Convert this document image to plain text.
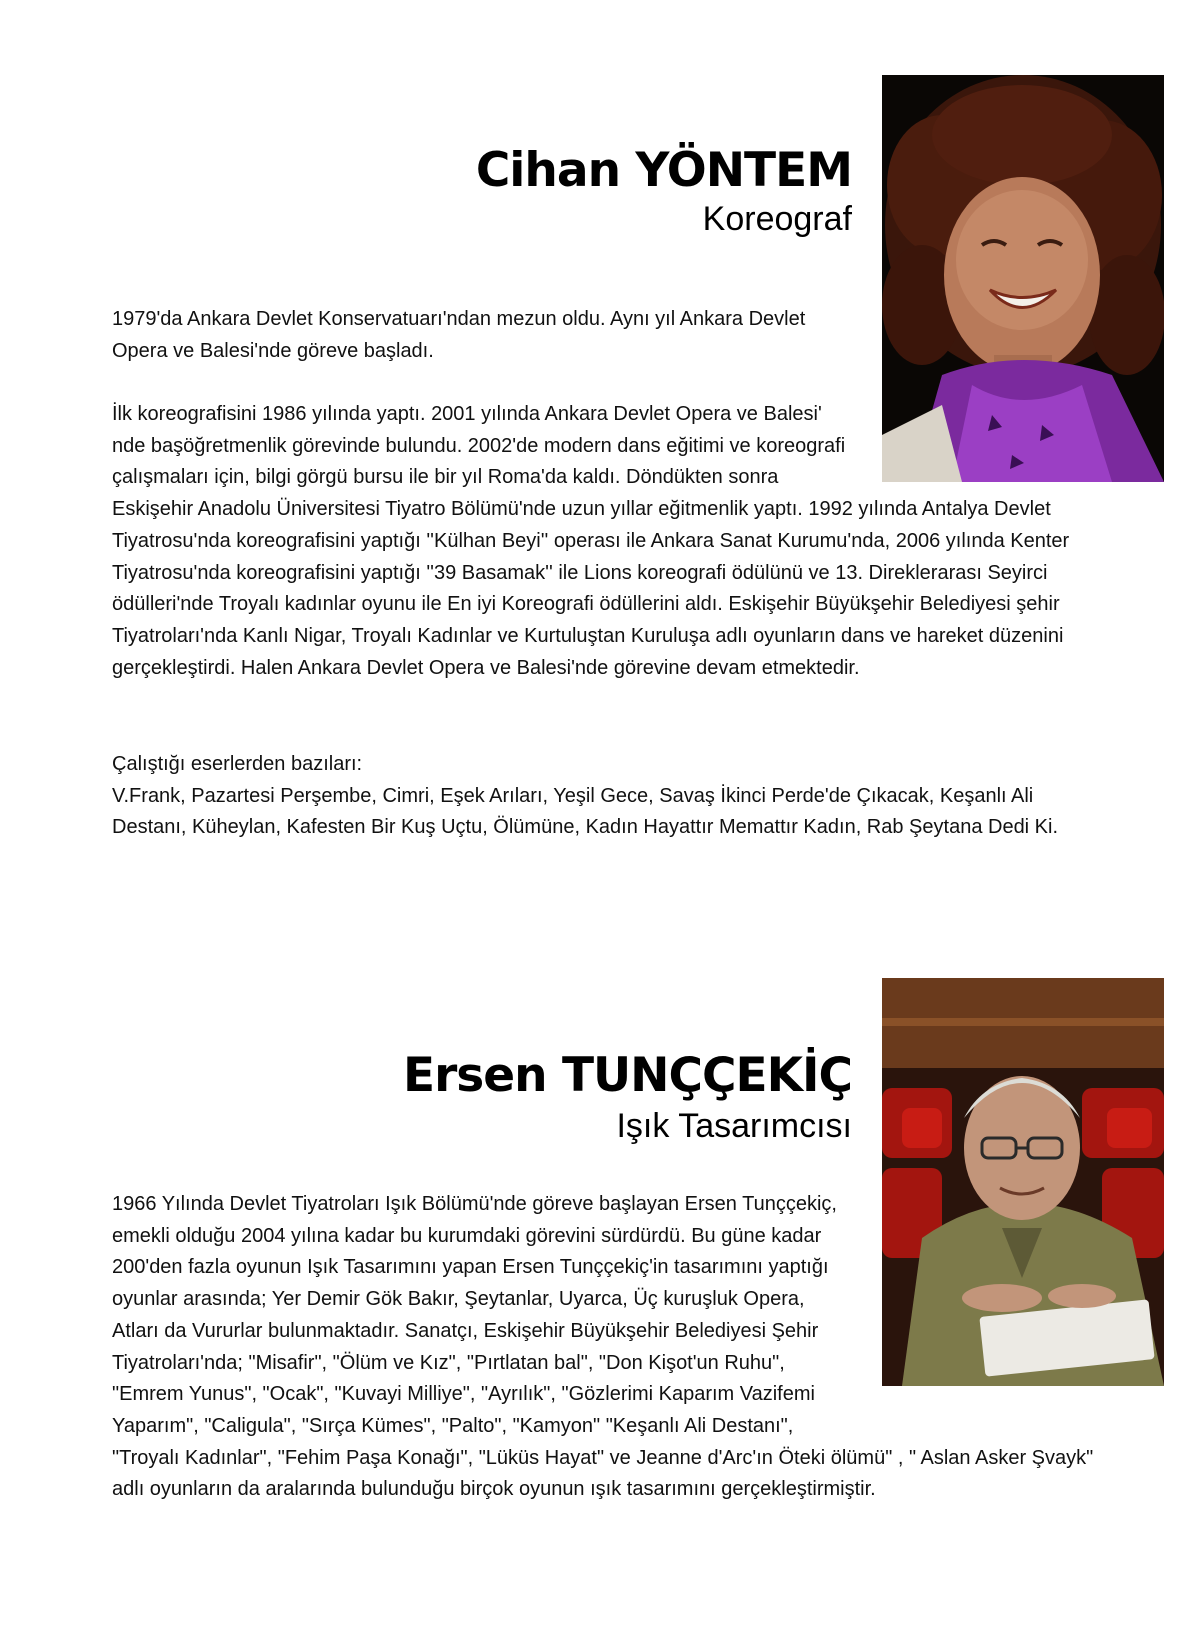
Cihan YÖNTEM
Koreograf

1979'da Ankara Devlet Konservatuarı'ndan mezun oldu. Aynı yıl Ankara Devlet Opera ve Balesi'nde göreve başladı.

İlk koreografisini 1986 yılında yaptı. 2001 yılında Ankara Devlet Opera ve Balesi' nde başöğretmenlik görevinde bulundu. 2002'de modern dans eğitimi ve koreografi çalışmaları için, bilgi görgü bursu ile bir yıl Roma'da kaldı. Döndükten sonra Eskişehir Anadolu Üniversitesi Tiyatro Bölümü'nde uzun yıllar eğitmenlik yaptı. 1992 yılında Antalya Devlet Tiyatrosu'nda koreografisini yaptığı ''Külhan Beyi'' operası ile Ankara Sanat Kurumu'nda, 2006 yılında Kenter Tiyatrosu'nda koreografisini yaptığı ''39 Basamak'' ile Lions koreografi ödülünü ve 13. Direklerarası Seyirci ödülleri'nde Troyalı kadınlar oyunu ile En iyi Koreografi ödüllerini aldı. Eskişehir Büyükşehir Belediyesi şehir Tiyatroları'nda Kanlı Nigar, Troyalı Kadınlar ve Kurtuluştan Kuruluşa adlı oyunların dans ve hareket düzenini gerçekleştirdi. Halen Ankara Devlet Opera ve Balesi'nde görevine devam etmektedir.

Çalıştığı eserlerden bazıları:
V.Frank, Pazartesi Perşembe, Cimri, Eşek Arıları, Yeşil Gece, Savaş İkinci Perde'de Çıkacak, Keşanlı Ali Destanı, Küheylan, Kafesten Bir Kuş Uçtu, Ölümüne, Kadın Hayattır Memattır Kadın, Rab Şeytana Dedi Ki.

Ersen TUNÇÇEKİÇ
Işık Tasarımcısı
1966 Yılında Devlet Tiyatroları Işık Bölümü'nde göreve başlayan Ersen Tunççekiç, emekli olduğu 2004 yılına kadar bu kurumdaki görevini sürdürdü. Bu güne kadar 200'den fazla oyunun Işık Tasarımını yapan Ersen Tunççekiç'in tasarımını yaptığı oyunlar arasında; Yer Demir Gök Bakır, Şeytanlar, Uyarca, Üç kuruşluk Opera, Atları da Vururlar bulunmaktadır. Sanatçı, Eskişehir Büyükşehir Belediyesi Şehir Tiyatroları'nda; "Misafir", "Ölüm ve Kız", "Pırtlatan bal", "Don Kişot'un Ruhu", "Emrem Yunus", "Ocak", "Kuvayi Milliye", "Ayrılık", "Gözlerimi Kaparım Vazifemi Yaparım", "Caligula", "Sırça Kümes", "Palto", "Kamyon" "Keşanlı Ali Destanı", "Troyalı Kadınlar", "Fehim Paşa Konağı", "Lüküs Hayat" ve Jeanne d'Arc'ın Öteki ölümü" , " Aslan Asker Şvayk" adlı oyunların da aralarında bulunduğu birçok oyunun ışık tasarımını gerçekleştirmiştir.
